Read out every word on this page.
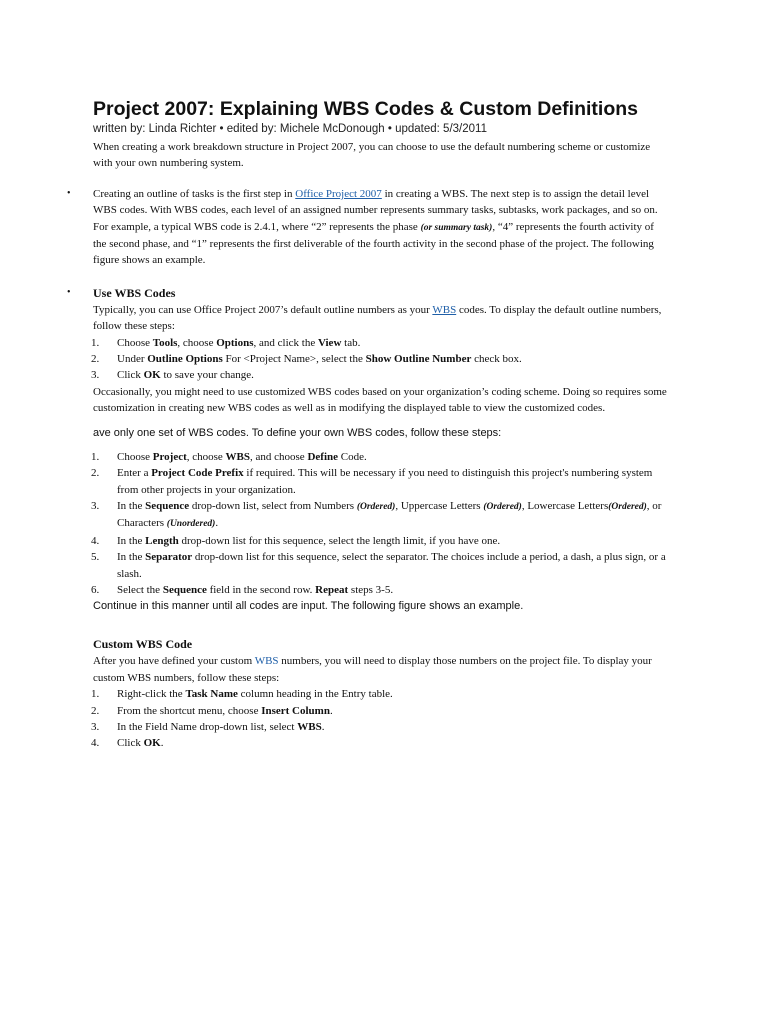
Project 2007: Explaining WBS Codes & Custom Definitions
written by: Linda Richter • edited by: Michele McDonough • updated: 5/3/2011

When creating a work breakdown structure in Project 2007, you can choose to use the default numbering scheme or customize with your own numbering system.

• Creating an outline of tasks is the first step in Office Project 2007 in creating a WBS. The next step is to assign the detail level WBS codes. With WBS codes, each level of an assigned number represents summary tasks, subtasks, work packages, and so on. For example, a typical WBS code is 2.4.1, where “2” represents the phase (or summary task), “4” represents the fourth activity of the second phase, and “1” represents the first deliverable of the fourth activity in the second phase of the project. The following figure shows an example.

• Use WBS Codes

Typically, you can use Office Project 2007’s default outline numbers as your WBS codes. To display the default outline numbers, follow these steps:

1. Choose Tools, choose Options, and click the View tab.
2. Under Outline Options For <Project Name>, select the Show Outline Number check box.
3. Click OK to save your change.

Occasionally, you might need to use customized WBS codes based on your organization’s coding scheme. Doing so requires some customization in creating new WBS codes as well as in modifying the displayed table to view the customized codes.

ave only one set of WBS codes. To define your own WBS codes, follow these steps:

1. Choose Project, choose WBS, and choose Define Code.
2. Enter a Project Code Prefix if required. This will be necessary if you need to distinguish this project's numbering system from other projects in your organization.
3. In the Sequence drop-down list, select from Numbers (Ordered), Uppercase Letters (Ordered), Lowercase Letters(Ordered), or Characters (Unordered).
4. In the Length drop-down list for this sequence, select the length limit, if you have one.
5. In the Separator drop-down list for this sequence, select the separator. The choices include a period, a dash, a plus sign, or a slash.
6. Select the Sequence field in the second row. Repeat steps 3-5.

Continue in this manner until all codes are input. The following figure shows an example.

Custom WBS Code

After you have defined your custom WBS numbers, you will need to display those numbers on the project file. To display your custom WBS numbers, follow these steps:

1. Right-click the Task Name column heading in the Entry table.
2. From the shortcut menu, choose Insert Column.
3. In the Field Name drop-down list, select WBS.
4. Click OK.
